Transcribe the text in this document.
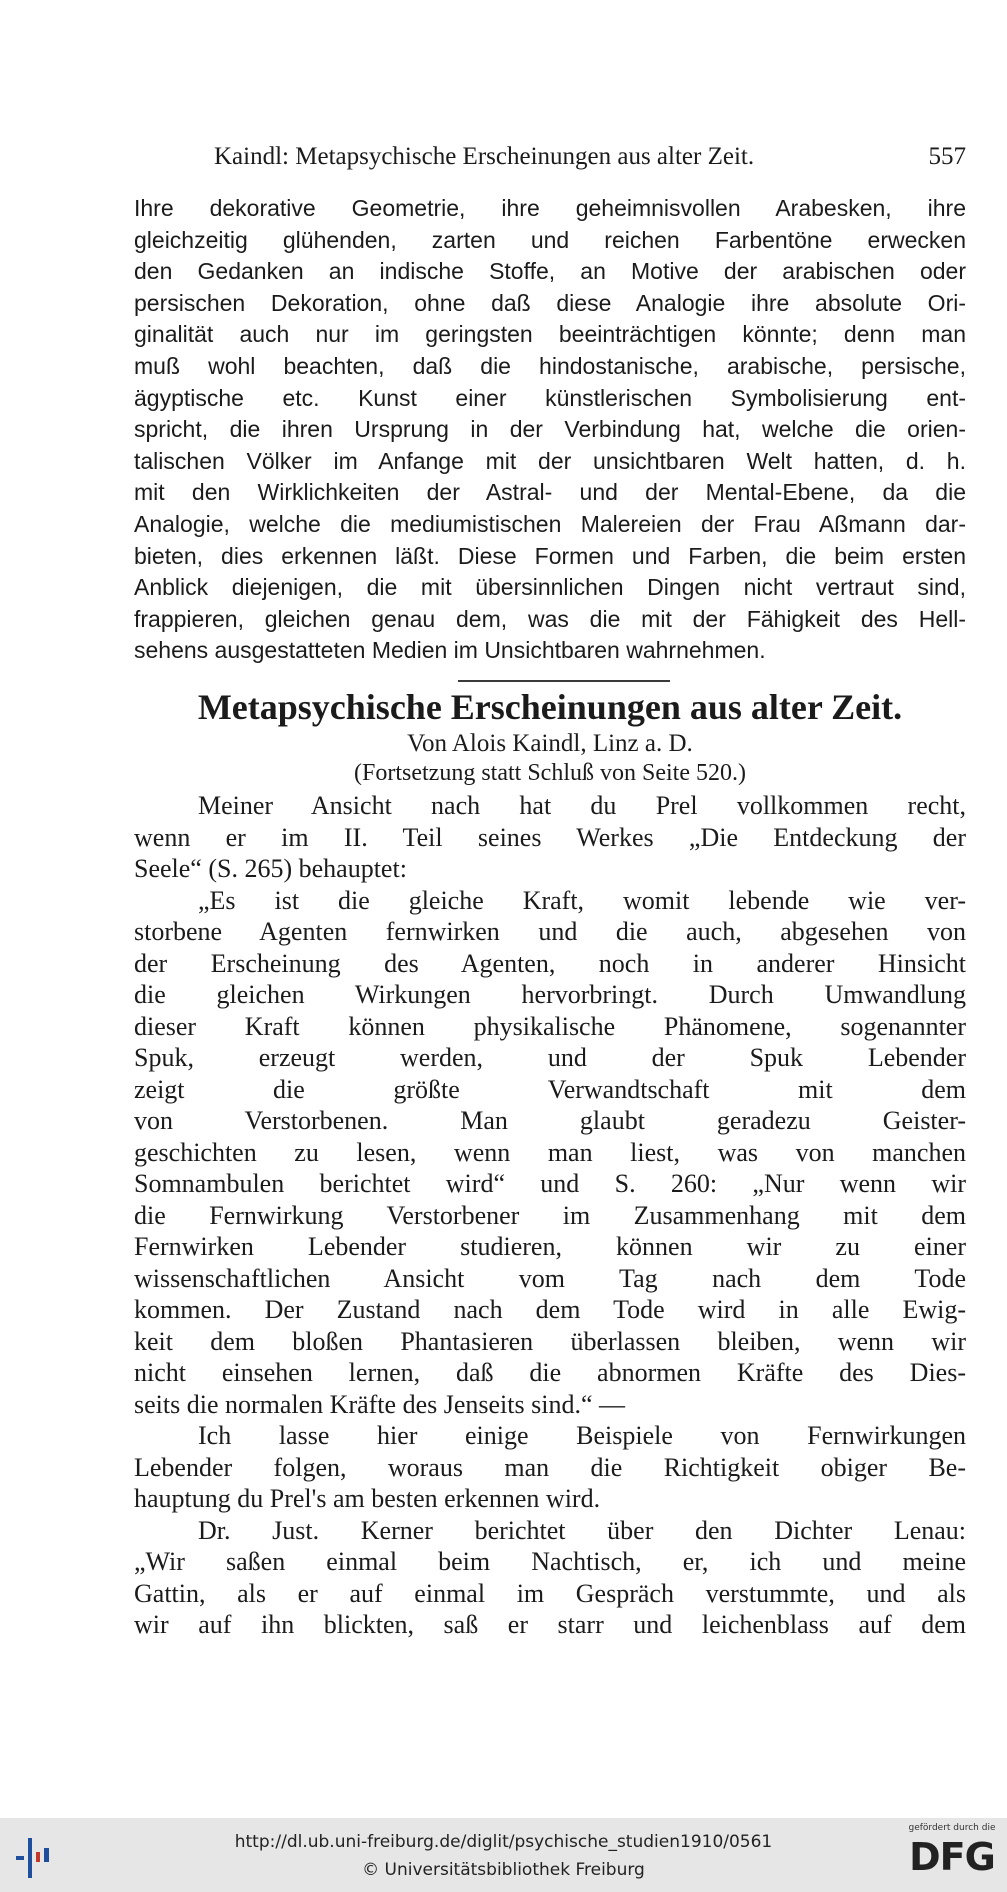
Kaindl: Metapsychische Erscheinungen aus alter Zeit.	557
Ihre dekorative Geometrie, ihre geheimnisvollen Arabesken, ihre
gleichzeitig glühenden, zarten und reichen Farbentöne erwecken
den Gedanken an indische Stoffe, an Motive der arabischen oder
persischen Dekoration, ohne daß diese Analogie ihre absolute Ori-
ginalität auch nur im geringsten beeinträchtigen könnte; denn man
muß wohl beachten, daß die hindostanische, arabische, persische,
ägyptische etc. Kunst einer künstlerischen Symbolisierung ent-
spricht, die ihren Ursprung in der Verbindung hat, welche die orien-
talischen Völker im Anfange mit der unsichtbaren Welt hatten, d. h.
mit den Wirklichkeiten der Astral- und der Mental-Ebene, da die
Analogie, welche die mediumistischen Malereien der Frau Aßmann dar-
bieten, dies erkennen läßt. Diese Formen und Farben, die beim ersten
Anblick diejenigen, die mit übersinnlichen Dingen nicht vertraut sind,
frappieren, gleichen genau dem, was die mit der Fähigkeit des Hell-
sehens ausgestatteten Medien im Unsichtbaren wahrnehmen.
Metapsychische Erscheinungen aus alter Zeit.
Von Alois Kaindl, Linz a. D.
(Fortsetzung statt Schluß von Seite 520.)
Meiner Ansicht nach hat du Prel vollkommen recht,
wenn er im II. Teil seines Werkes „Die Entdeckung der
Seele“ (S. 265) behauptet:
„Es ist die gleiche Kraft, womit lebende wie ver-
storbene Agenten fernwirken und die auch, abgesehen von
der Erscheinung des Agenten, noch in anderer Hinsicht
die gleichen Wirkungen hervorbringt. Durch Umwandlung
dieser Kraft können physikalische Phänomene, sogenannter
Spuk, erzeugt werden, und der Spuk Lebender
zeigt die größte Verwandtschaft mit dem
von Verstorbenen. Man glaubt geradezu Geister-
geschichten zu lesen, wenn man liest, was von manchen
Somnambulen berichtet wird“ und S. 260: „Nur wenn wir
die Fernwirkung Verstorbener im Zusammenhang mit dem
Fernwirken Lebender studieren, können wir zu einer
wissenschaftlichen Ansicht vom Tag nach dem Tode
kommen. Der Zustand nach dem Tode wird in alle Ewig-
keit dem bloßen Phantasieren überlassen bleiben, wenn wir
nicht einsehen lernen, daß die abnormen Kräfte des Dies-
seits die normalen Kräfte des Jenseits sind.“ —
Ich lasse hier einige Beispiele von Fernwirkungen
Lebender folgen, woraus man die Richtigkeit obiger Be-
hauptung du Prel's am besten erkennen wird.
Dr. Just. Kerner berichtet über den Dichter Lenau:
„Wir saßen einmal beim Nachtisch, er, ich und meine
Gattin, als er auf einmal im Gespräch verstummte, und als
wir auf ihn blickten, saß er starr und leichenblass auf dem
http://dl.ub.uni-freiburg.de/diglit/psychische_studien1910/0561
© Universitätsbibliothek Freiburg
gefördert durch die
DFG
